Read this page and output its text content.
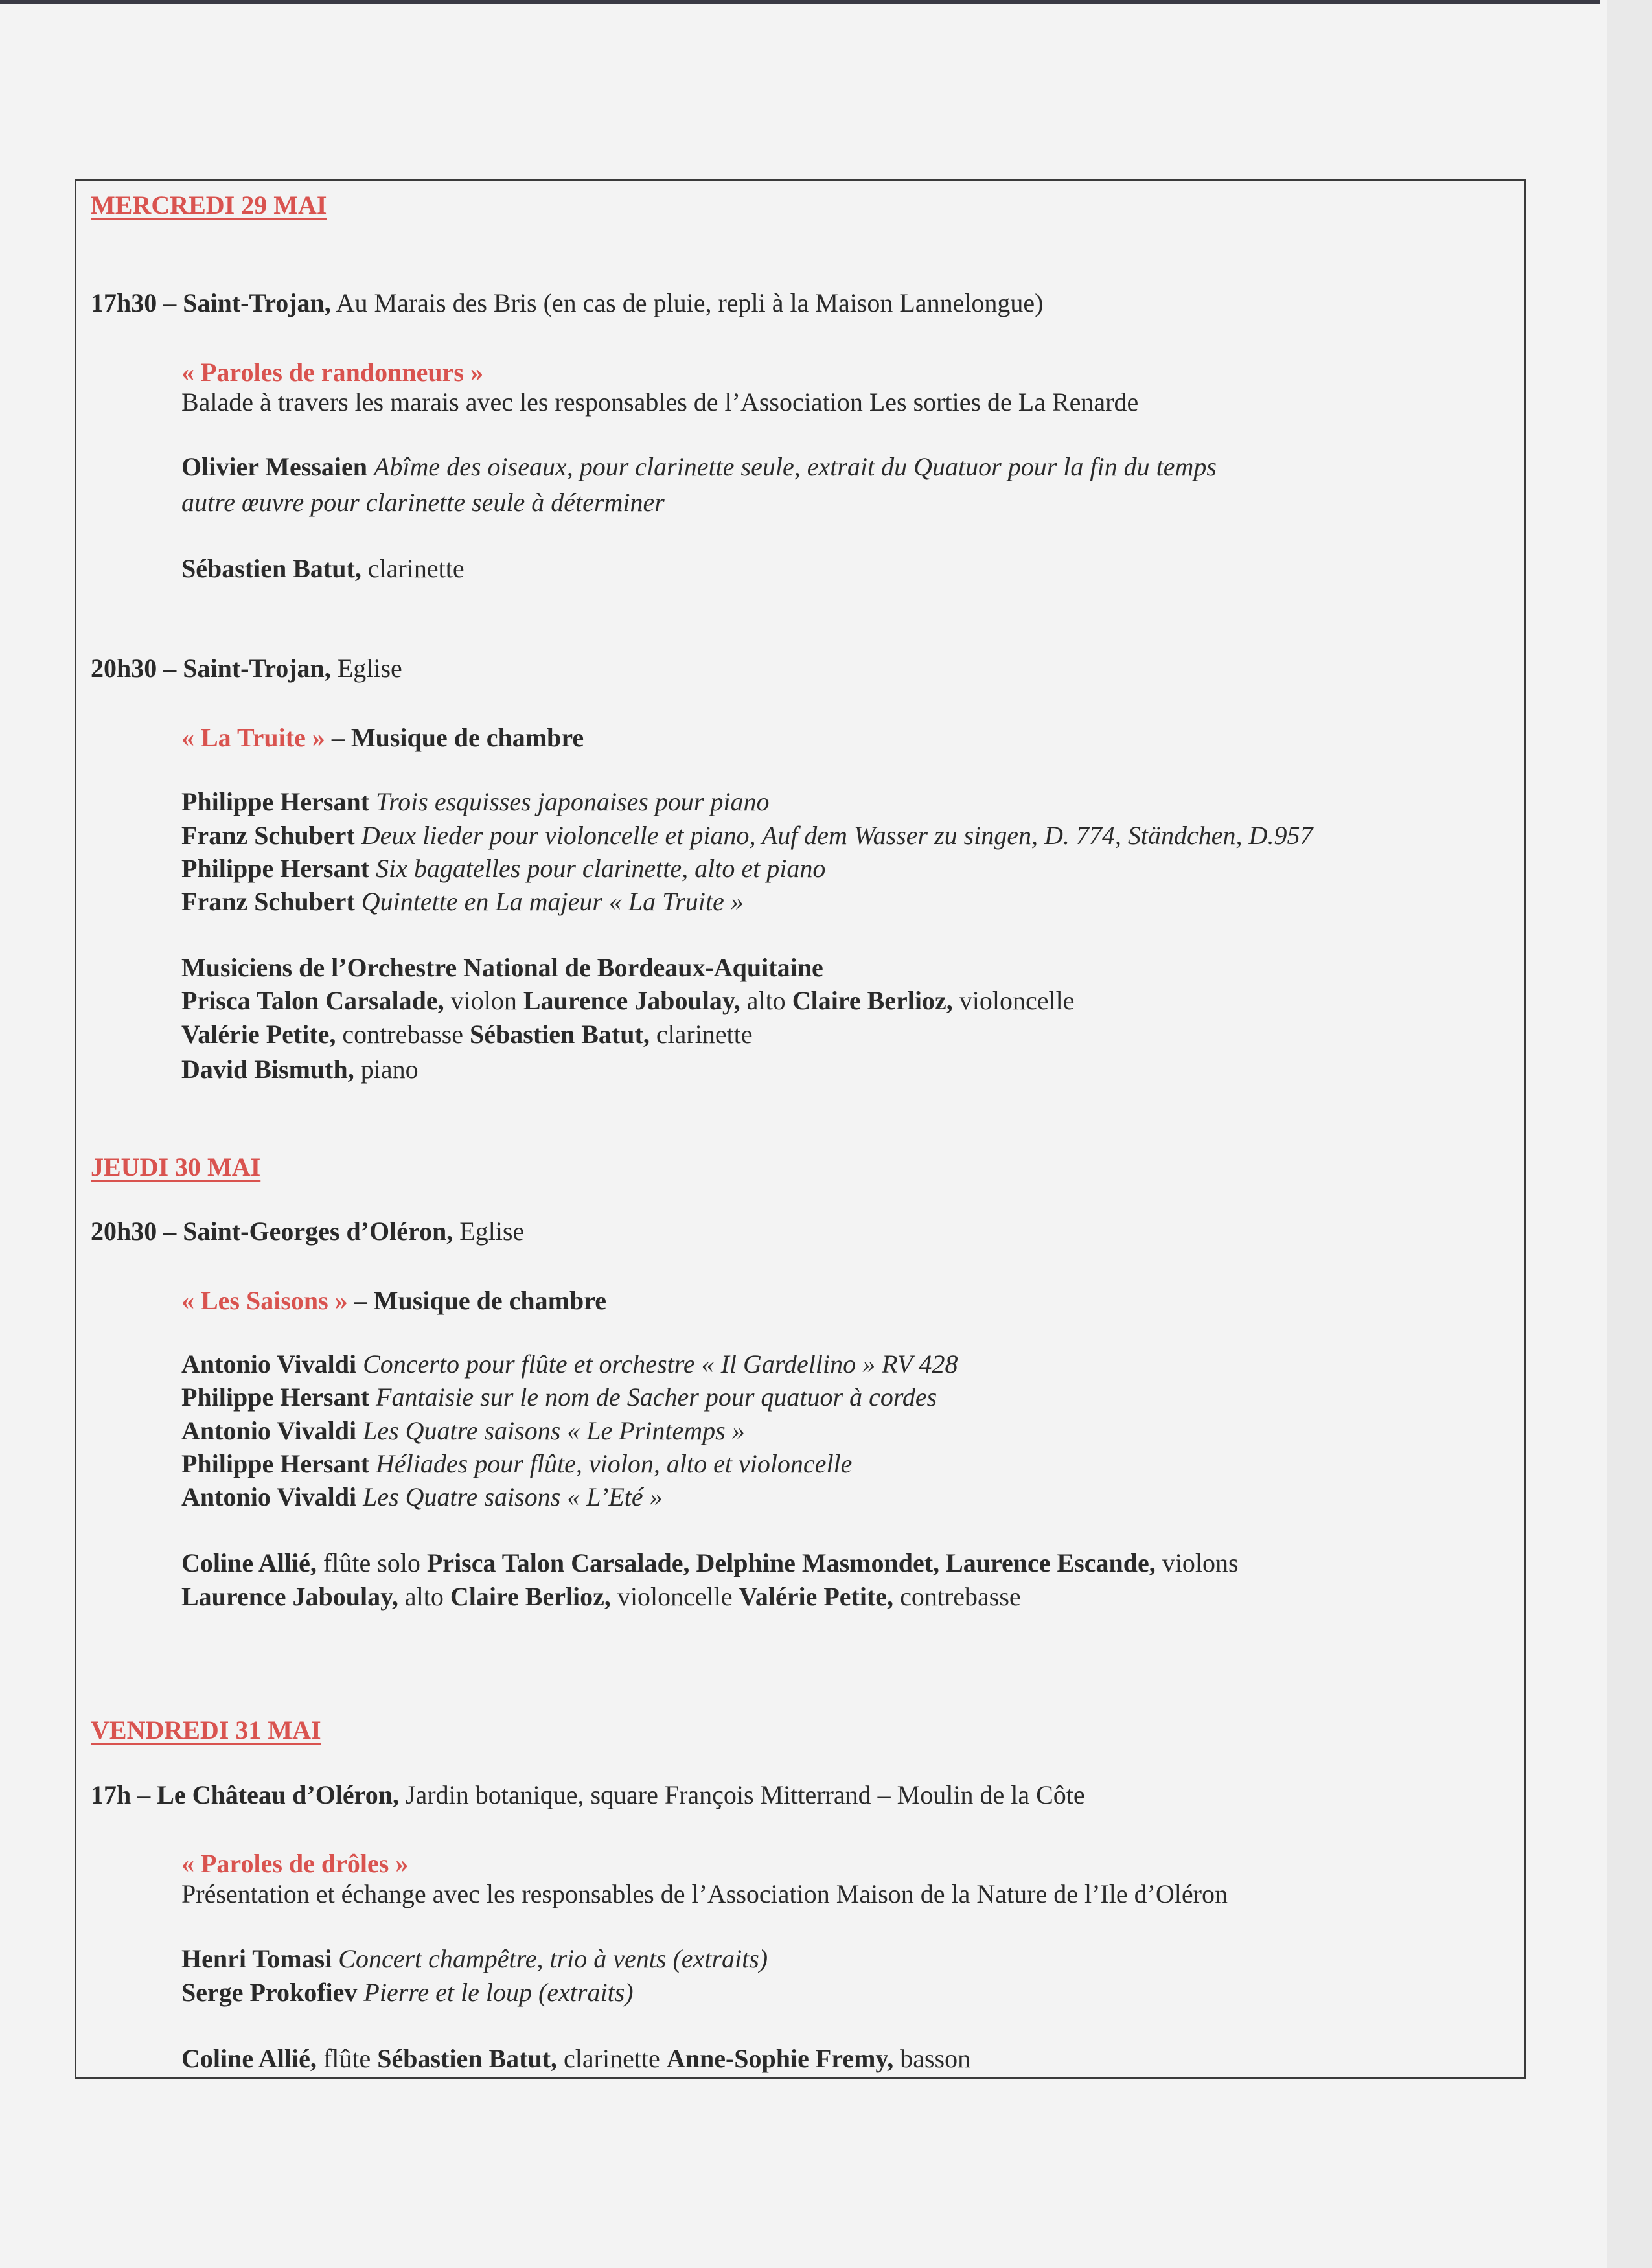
MERCREDI 29 MAI
17h30 – Saint-Trojan, Au Marais des Bris (en cas de pluie, repli à la Maison Lannelongue)
« Paroles de randonneurs »
Balade à travers les marais avec les responsables de l’Association Les sorties de La Renarde
Olivier Messaien Abîme des oiseaux, pour clarinette seule, extrait du Quatuor pour la fin du temps
autre œuvre pour clarinette seule à déterminer
Sébastien Batut, clarinette
20h30 – Saint-Trojan, Eglise
« La Truite » – Musique de chambre
Philippe Hersant Trois esquisses japonaises pour piano
Franz Schubert Deux lieder pour violoncelle et piano, Auf dem Wasser zu singen, D. 774, Ständchen, D.957
Philippe Hersant Six bagatelles pour clarinette, alto et piano
Franz Schubert Quintette en La majeur « La Truite »
Musiciens de l’Orchestre National de Bordeaux-Aquitaine
Prisca Talon Carsalade, violon Laurence Jaboulay, alto Claire Berlioz, violoncelle
Valérie Petite, contrebasse Sébastien Batut, clarinette
David Bismuth, piano
JEUDI 30 MAI
20h30 – Saint-Georges d’Oléron, Eglise
« Les Saisons » – Musique de chambre
Antonio Vivaldi Concerto pour flûte et orchestre « Il Gardellino » RV 428
Philippe Hersant Fantaisie sur le nom de Sacher pour quatuor à cordes
Antonio Vivaldi Les Quatre saisons « Le Printemps »
Philippe Hersant Héliades pour flûte, violon, alto et violoncelle
Antonio Vivaldi Les Quatre saisons « L’Eté »
Coline Allié, flûte solo Prisca Talon Carsalade, Delphine Masmondet, Laurence Escande, violons
Laurence Jaboulay, alto Claire Berlioz, violoncelle Valérie Petite, contrebasse
VENDREDI 31 MAI
17h – Le Château d’Oléron, Jardin botanique, square François Mitterrand – Moulin de la Côte
« Paroles de drôles »
Présentation et échange avec les responsables de l’Association Maison de la Nature de l’Ile d’Oléron
Henri Tomasi Concert champêtre, trio à vents (extraits)
Serge Prokofiev Pierre et le loup (extraits)
Coline Allié, flûte Sébastien Batut, clarinette Anne-Sophie Fremy, basson
